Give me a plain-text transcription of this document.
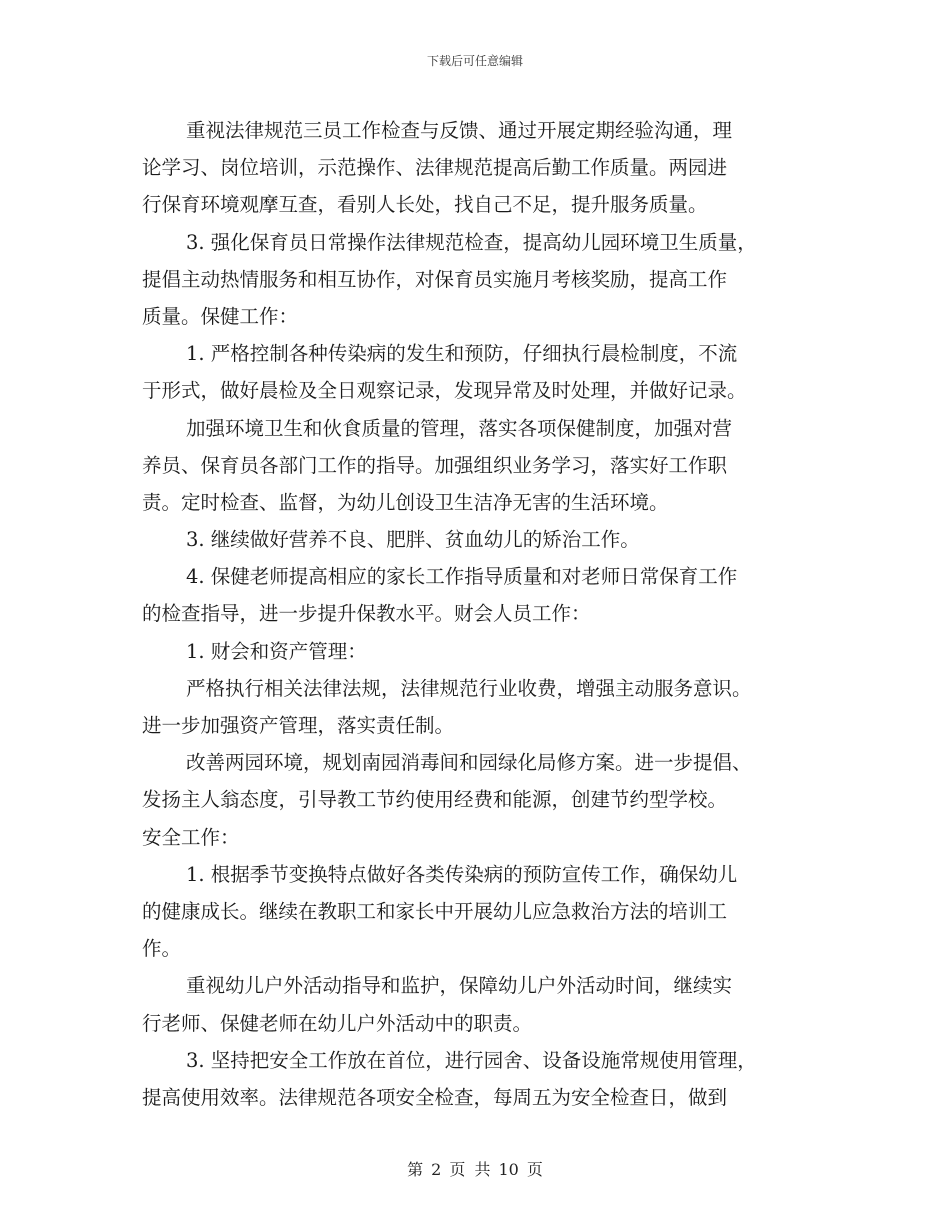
下载后可任意编辑
重视法律规范三员工作检查与反馈、通过开展定期经验沟通，理
论学习、岗位培训，示范操作、法律规范提高后勤工作质量。两园进
行保育环境观摩互查，看别人长处，找自己不足，提升服务质量。
3. 强化保育员日常操作法律规范检查，提高幼儿园环境卫生质量，
提倡主动热情服务和相互协作，对保育员实施月考核奖励，提高工作
质量。保健工作：
1. 严格控制各种传染病的发生和预防，仔细执行晨检制度，不流
于形式，做好晨检及全日观察记录，发现异常及时处理，并做好记录。
加强环境卫生和伙食质量的管理，落实各项保健制度，加强对营
养员、保育员各部门工作的指导。加强组织业务学习，落实好工作职
责。定时检查、监督，为幼儿创设卫生洁净无害的生活环境。
3. 继续做好营养不良、肥胖、贫血幼儿的矫治工作。
4. 保健老师提高相应的家长工作指导质量和对老师日常保育工作
的检查指导，进一步提升保教水平。财会人员工作：
1. 财会和资产管理：
严格执行相关法律法规，法律规范行业收费，增强主动服务意识。
进一步加强资产管理，落实责任制。
改善两园环境，规划南园消毒间和园绿化局修方案。进一步提倡、
发扬主人翁态度，引导教工节约使用经费和能源，创建节约型学校。
安全工作：
1. 根据季节变换特点做好各类传染病的预防宣传工作，确保幼儿
的健康成长。继续在教职工和家长中开展幼儿应急救治方法的培训工
作。
重视幼儿户外活动指导和监护，保障幼儿户外活动时间，继续实
行老师、保健老师在幼儿户外活动中的职责。
3. 坚持把安全工作放在首位，进行园舍、设备设施常规使用管理，
提高使用效率。法律规范各项安全检查，每周五为安全检查日，做到
第 2 页 共 10 页
